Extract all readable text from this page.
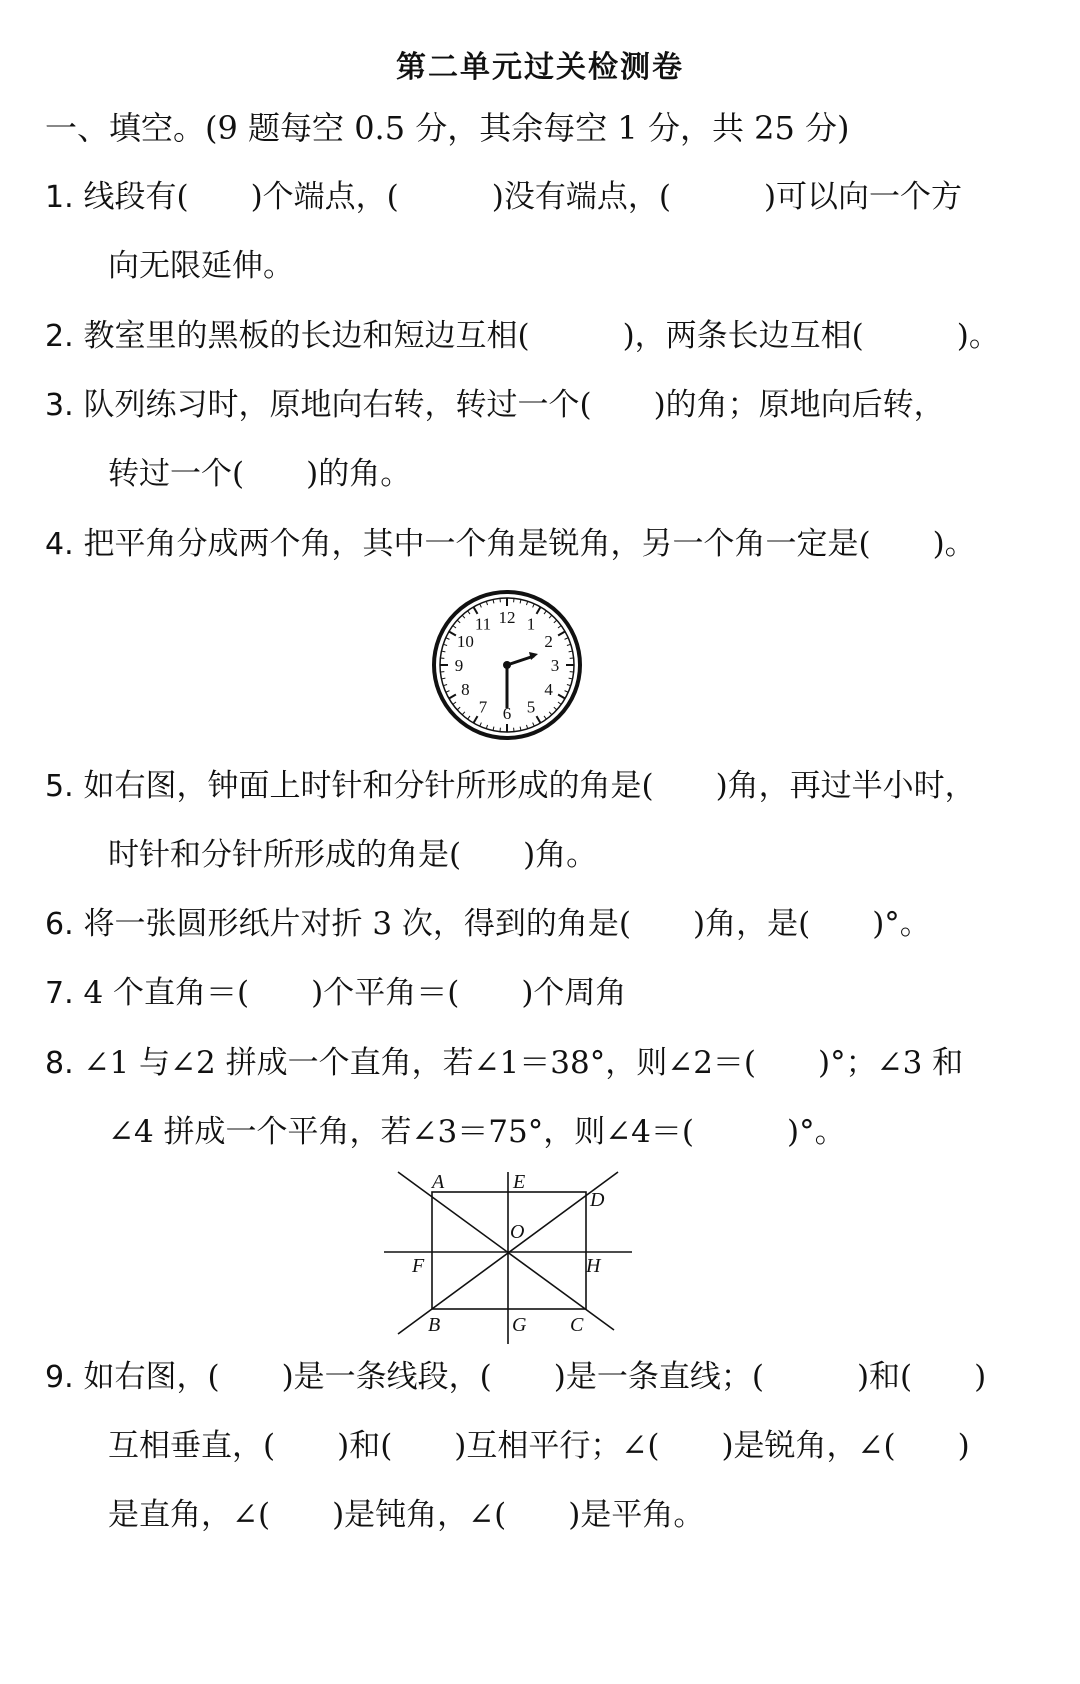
第二单元过关检测卷
一、填空。(9 题每空 0.5 分，其余每空 1 分，共 25 分)
1. 线段有(　　)个端点，(　　　)没有端点，(　　　)可以向一个方
向无限延伸。
2. 教室里的黑板的长边和短边互相(　　　)，两条长边互相(　　　)。
3. 队列练习时，原地向右转，转过一个(　　)的角；原地向后转，
转过一个(　　)的角。
4. 把平角分成两个角，其中一个角是锐角，另一个角一定是(　　)。
12 1
2
3
4
5
6
7
8
9
10
11
5. 如右图，钟面上时针和分针所形成的角是(　　)角，再过半小时，
时针和分针所形成的角是(　　)角。
6. 将一张圆形纸片对折 3 次，得到的角是(　　)角，是(　　)°。
7. 4 个直角＝(　　)个平角＝(　　)个周角
8. ∠1 与∠2 拼成一个直角，若∠1＝38°，则∠2＝(　　)°；∠3 和
∠4 拼成一个平角，若∠3＝75°，则∠4＝(　　　)°。
A	E
D
O
F	H
B	G C
9. 如右图，(　　)是一条线段，(　　)是一条直线；(　　　)和(　　)
互相垂直，(　　)和(　　)互相平行；∠(　　)是锐角，∠(　　)
是直角，∠(　　)是钝角，∠(　　)是平角。
